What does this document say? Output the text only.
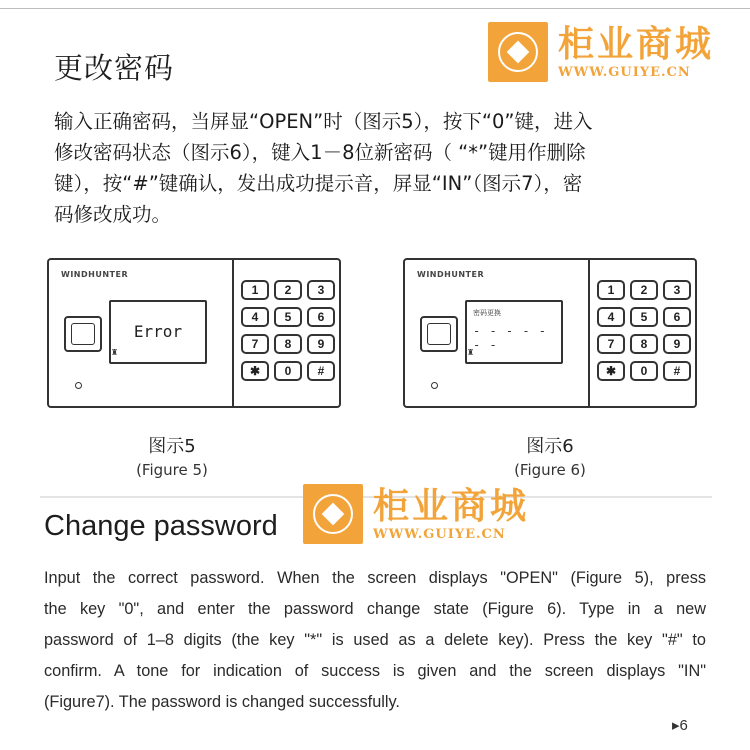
更改密码
柜业商城
WWW.GUIYE.CN

输入正确密码，当屏显“OPEN”时（图示5），按下“0”键，进入

修改密码状态（图示6），键入1－8位新密码（ “*”键用作删除

键），按“#”键确认，发出成功提示音，屏显“IN”（图示7），密

码修改成功。

WINDHUNTER
♜
Error
1	2	3
4	5	6
7	8	9
✱	0	#
WINDHUNTER
♜
密码更换
- - - - - - -
1	2	3
4	5	6
7	8	9
✱	0	#
图示5
(Figure 5)
图示6
(Figure 6)
Change password	柜业商城
WWW.GUIYE.CN

Input the correct password. When the screen displays "OPEN" (Figure 5), press

the key "0", and enter the password change state (Figure 6). Type in a new

password of 1–8 digits (the key "*" is used as a delete key). Press the key "#" to

confirm. A tone for indication of success is given and the screen displays "IN"

(Figure7). The password is changed successfully.

▸6
